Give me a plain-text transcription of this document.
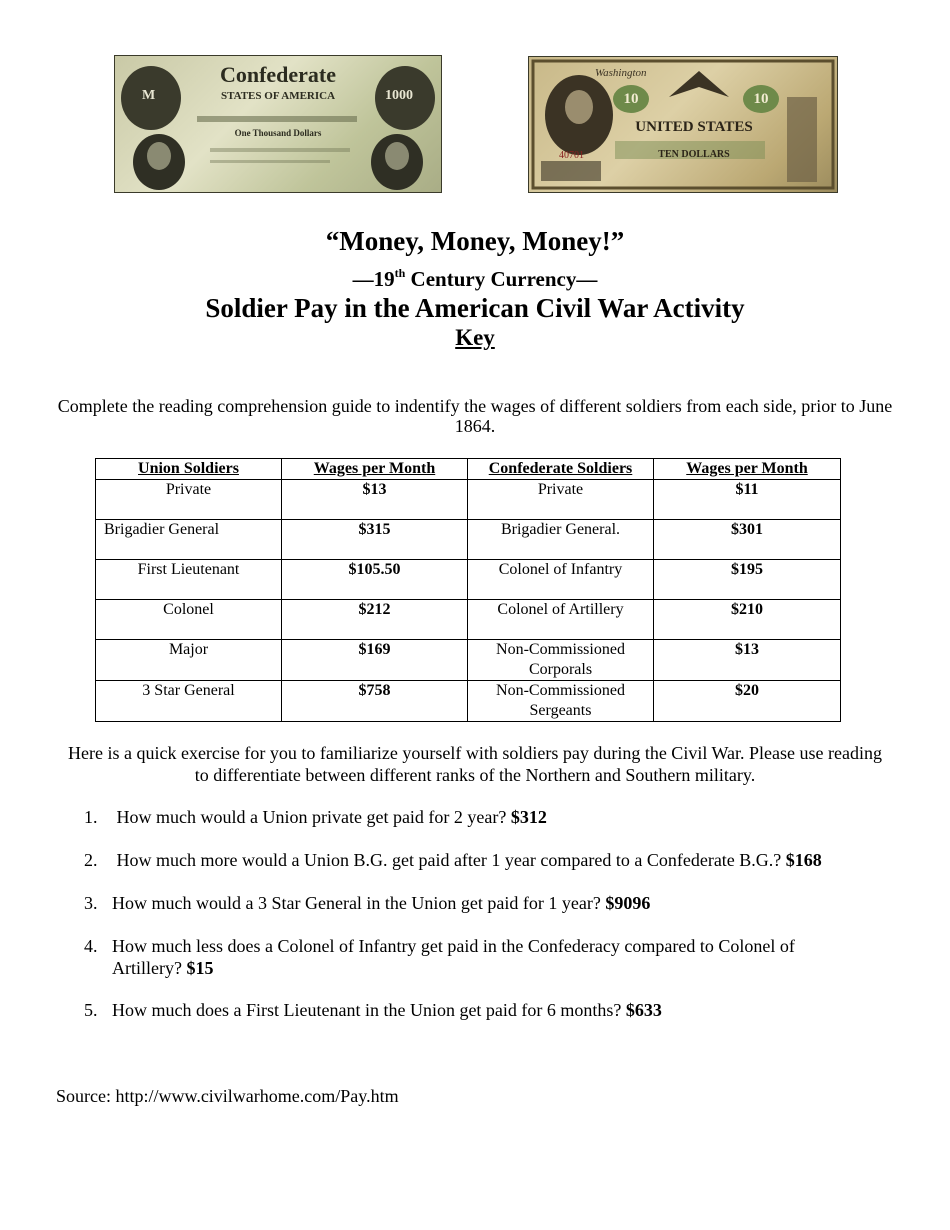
Confederate
STATES OF AMERICA
M	1000
One Thousand Dollars
Washington
10	10
UNITED STATES
TEN DOLLARS
40701
“Money, Money, Money!”
—19th Century Currency—
Soldier Pay in the American Civil War Activity
Key
Complete the reading comprehension guide to indentify the wages of different soldiers from each side, prior to June 1864.
Union Soldiers	Wages per Month	Confederate Soldiers	Wages per Month
Private	$13	Private	$11
Brigadier General	$315	Brigadier General.	$301
First Lieutenant	$105.50	Colonel of Infantry	$195
Colonel	$212	Colonel of Artillery	$210
Major	$169	Non-Commissioned Corporals	$13
3 Star General	$758	Non-Commissioned Sergeants	$20
Here is a quick exercise for you to familiarize yourself with soldiers pay during the Civil War. Please use reading to differentiate between different ranks of the Northern and Southern military.
1. How much would a Union private get paid for 2 year? $312
2. How much more would a Union B.G. get paid after 1 year compared to a Confederate B.G.? $168
3. How much would a 3 Star General in the Union get paid for 1 year? $9096
4. How much less does a Colonel of Infantry get paid in the Confederacy compared to Colonel of
Artillery? $15
5. How much does a First Lieutenant in the Union get paid for 6 months? $633
Source: http://www.civilwarhome.com/Pay.htm
